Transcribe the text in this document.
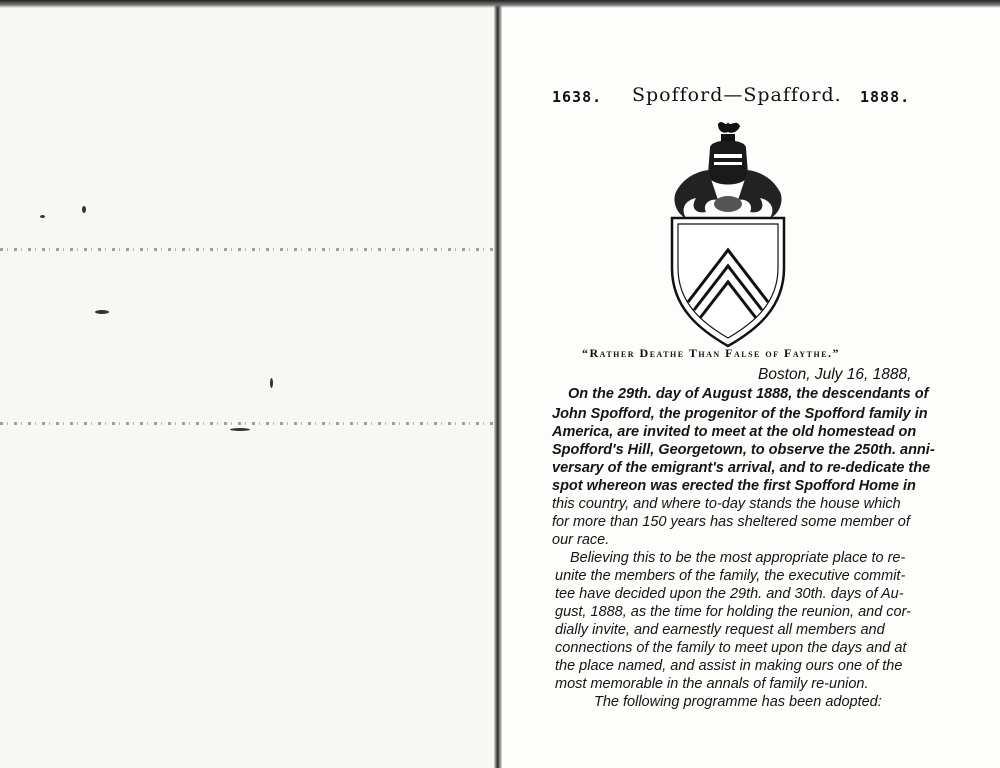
1638. Spofford—Spafford. 1888.
“Rather Deathe Than False of Faythe.”
Boston, July 16, 1888,
On the 29th. day of August 1888, the descendants of
John Spofford, the progenitor of the Spofford family in
America, are invited to meet at the old homestead on
Spofford's Hill, Georgetown, to observe the 250th. anni-
versary of the emigrant's arrival, and to re-dedicate the
spot whereon was erected the first Spofford Home in
this country, and where to-day stands the house which
for more than 150 years has sheltered some member of
our race.
Believing this to be the most appropriate place to re-
unite the members of the family, the executive commit-
tee have decided upon the 29th. and 30th. days of Au-
gust, 1888, as the time for holding the reunion, and cor-
dially invite, and earnestly request all members and
connections of the family to meet upon the days and at
the place named, and assist in making ours one of the
most memorable in the annals of family re-union.
The following programme has been adopted:
